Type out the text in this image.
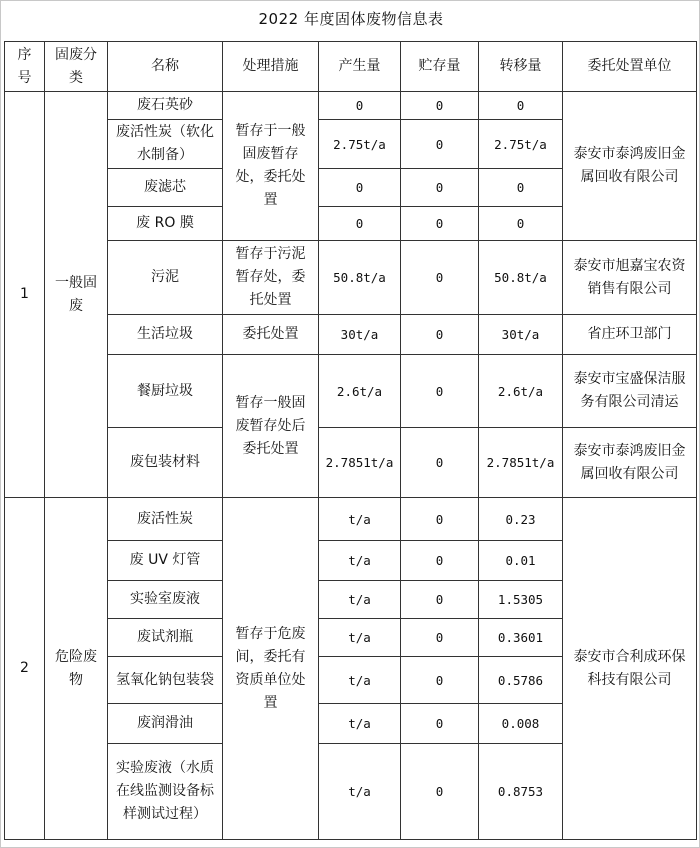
2022 年度固体废物信息表
序号	固废分类	名称	处理措施	产生量	贮存量	转移量	委托处置单位
1	一般固废	废石英砂	暂存于一般固废暂存处，委托处置	0	0	0	泰安市泰鸿废旧金属回收有限公司
		废活性炭（软化水制备）		2.75t/a	0	2.75t/a	
		废滤芯		0	0	0	
		废 RO 膜		0	0	0	
		污泥	暂存于污泥暂存处，委托处置	50.8t/a	0	50.8t/a	泰安市旭嘉宝农资销售有限公司
		生活垃圾	委托处置	30t/a	0	30t/a	省庄环卫部门
		餐厨垃圾	暂存一般固废暂存处后委托处置	2.6t/a	0	2.6t/a	泰安市宝盛保洁服务有限公司清运
		废包装材料		2.7851t/a	0	2.7851t/a	泰安市泰鸿废旧金属回收有限公司
2	危险废物	废活性炭	暂存于危废间，委托有资质单位处置	t/a	0	0.23	泰安市合利成环保科技有限公司
		废 UV 灯管		t/a	0	0.01	
		实验室废液		t/a	0	1.5305	
		废试剂瓶		t/a	0	0.3601	
		氢氧化钠包装袋		t/a	0	0.5786	
		废润滑油		t/a	0	0.008	
		实验废液（水质在线监测设备标样测试过程）		t/a	0	0.8753	
